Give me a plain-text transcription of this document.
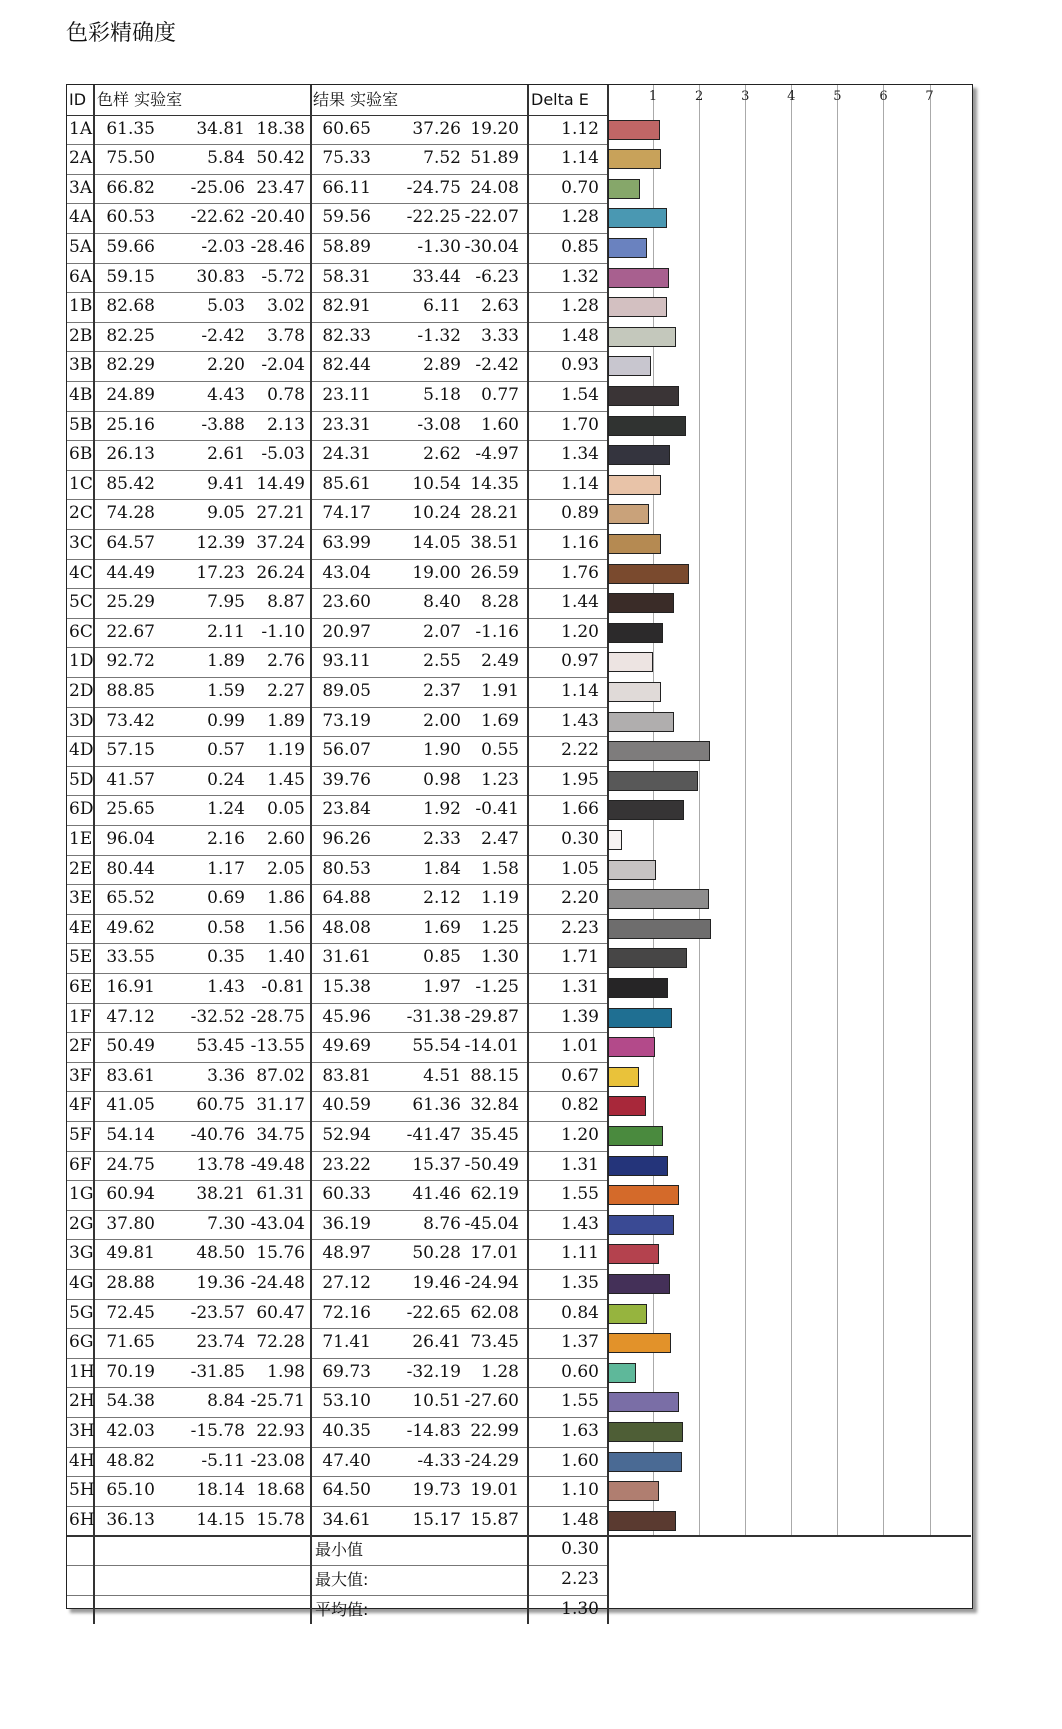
色彩精确度
ID 色样 实验室	结果 实验室	Delta E	1	2	3	4	5	6	7
1A 61.35	34.81 18.38	60.65	37.26 19.20	1.12
2A 75.50	5.84 50.42	75.33	7.52 51.89	1.14
3A 66.82	-25.06 23.47	66.11	-24.75 24.08	0.70
4A 60.53	-22.62 -20.40	59.56	-22.25 -22.07	1.28
5A 59.66	-2.03 -28.46	58.89	-1.30 -30.04	0.85
6A 59.15	30.83 -5.72	58.31	33.44 -6.23	1.32
1B 82.68	5.03	3.02	82.91	6.11	2.63	1.28
2B 82.25	-2.42	3.78	82.33	-1.32	3.33	1.48
3B 82.29	2.20 -2.04	82.44	2.89 -2.42	0.93
4B 24.89	4.43	0.78	23.11	5.18	0.77	1.54
5B 25.16	-3.88	2.13	23.31	-3.08	1.60	1.70
6B 26.13	2.61 -5.03	24.31	2.62 -4.97	1.34
1C 85.42	9.41 14.49	85.61	10.54 14.35	1.14
2C 74.28	9.05 27.21	74.17	10.24 28.21	0.89
3C 64.57	12.39 37.24	63.99	14.05 38.51	1.16
4C 44.49	17.23 26.24	43.04	19.00 26.59	1.76
5C 25.29	7.95	8.87	23.60	8.40	8.28	1.44
6C 22.67	2.11 -1.10	20.97	2.07 -1.16	1.20
1D 92.72	1.89	2.76	93.11	2.55	2.49	0.97
2D 88.85	1.59	2.27	89.05	2.37	1.91	1.14
3D 73.42	0.99	1.89	73.19	2.00	1.69	1.43
4D 57.15	0.57	1.19	56.07	1.90	0.55	2.22
5D 41.57	0.24	1.45	39.76	0.98	1.23	1.95
6D 25.65	1.24	0.05	23.84	1.92 -0.41	1.66
1E 96.04	2.16	2.60	96.26	2.33	2.47	0.30
2E 80.44	1.17	2.05	80.53	1.84	1.58	1.05
3E 65.52	0.69	1.86	64.88	2.12	1.19	2.20
4E 49.62	0.58	1.56	48.08	1.69	1.25	2.23
5E 33.55	0.35	1.40	31.61	0.85	1.30	1.71
6E 16.91	1.43 -0.81	15.38	1.97 -1.25	1.31
1F 47.12	-32.52 -28.75	45.96	-31.38 -29.87	1.39
2F 50.49	53.45 -13.55	49.69	55.54 -14.01	1.01
3F 83.61	3.36 87.02	83.81	4.51 88.15	0.67
4F 41.05	60.75 31.17	40.59	61.36 32.84	0.82
5F 54.14	-40.76 34.75	52.94	-41.47 35.45	1.20
6F 24.75	13.78 -49.48	23.22	15.37 -50.49	1.31
1G 60.94	38.21 61.31	60.33	41.46 62.19	1.55
2G 37.80	7.30 -43.04	36.19	8.76 -45.04	1.43
3G 49.81	48.50 15.76	48.97	50.28 17.01	1.11
4G 28.88	19.36 -24.48	27.12	19.46 -24.94	1.35
5G 72.45	-23.57 60.47	72.16	-22.65 62.08	0.84
6G 71.65	23.74 72.28	71.41	26.41 73.45	1.37
1H 70.19	-31.85	1.98	69.73	-32.19	1.28	0.60
2H 54.38	8.84 -25.71	53.10	10.51 -27.60	1.55
3H 42.03	-15.78 22.93	40.35	-14.83 22.99	1.63
4H 48.82	-5.11 -23.08	47.40	-4.33 -24.29	1.60
5H 65.10	18.14 18.68	64.50	19.73 19.01	1.10
6H 36.13	14.15 15.78	34.61	15.17 15.87	1.48
最小值	0.30
最大值:	2.23
平均值:	1.30
